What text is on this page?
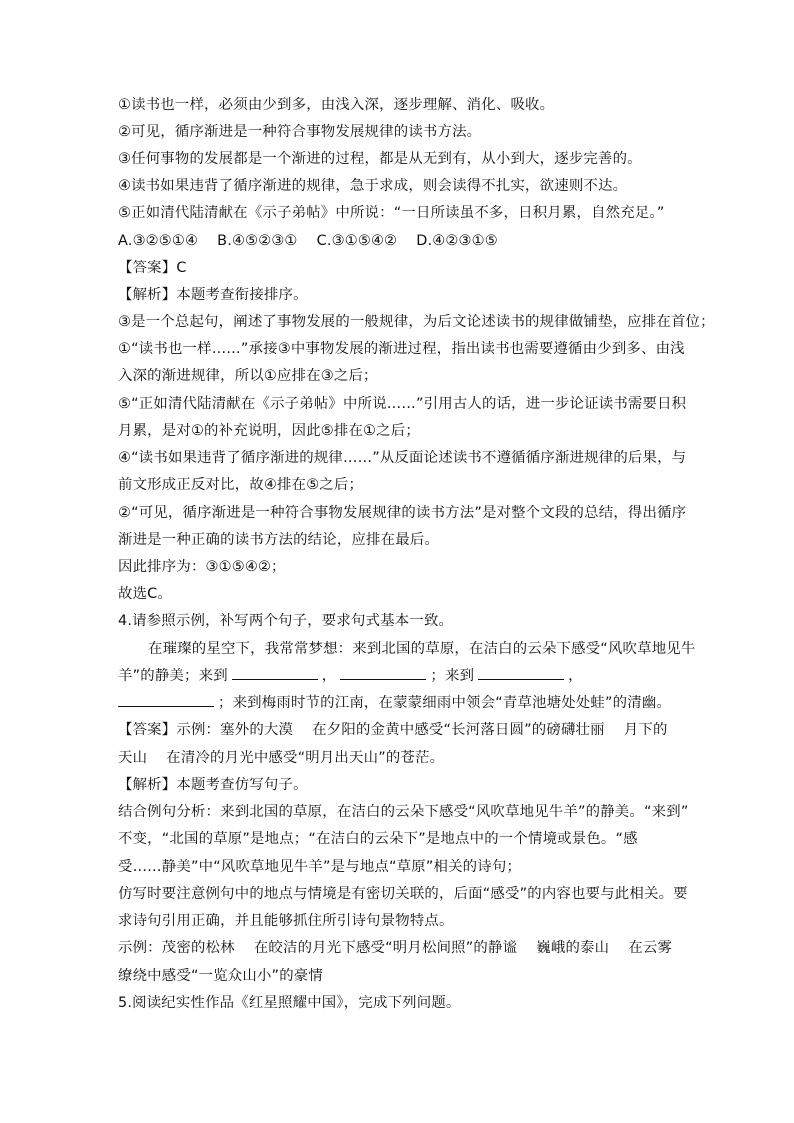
①读书也一样，必须由少到多，由浅入深，逐步理解、消化、吸收。
②可见，循序渐进是一种符合事物发展规律的读书方法。
③任何事物的发展都是一个渐进的过程，都是从无到有，从小到大，逐步完善的。
④读书如果违背了循序渐进的规律，急于求成，则会读得不扎实，欲速则不达。
⑤正如清代陆清献在《示子弟帖》中所说：“一日所读虽不多，日积月累，自然充足。”
A.③②⑤①④    B.④⑤②③①    C.③①⑤④②    D.④②③①⑤
【答案】C
【解析】本题考查衔接排序。
③是一个总起句，阐述了事物发展的一般规律，为后文论述读书的规律做铺垫，应排在首位；
①“读书也一样……”承接③中事物发展的渐进过程，指出读书也需要遵循由少到多、由浅
入深的渐进规律，所以①应排在③之后；
⑤“正如清代陆清献在《示子弟帖》中所说……”引用古人的话，进一步论证读书需要日积
月累，是对①的补充说明，因此⑤排在①之后；
④“读书如果违背了循序渐进的规律……”从反面论述读书不遵循循序渐进规律的后果，与
前文形成正反对比，故④排在⑤之后；
②“可见，循序渐进是一种符合事物发展规律的读书方法”是对整个文段的总结，得出循序
渐进是一种正确的读书方法的结论，应排在最后。
因此排序为：③①⑤④②；
故选C。
4.请参照示例，补写两个句子，要求句式基本一致。
在璀璨的星空下，我常常梦想：来到北国的草原，在洁白的云朵下感受“风吹草地见牛
羊”的静美；来到	，	；来到	，
；来到梅雨时节的江南，在蒙蒙细雨中领会“青草池塘处处蛙”的清幽。
【答案】示例：塞外的大漠    在夕阳的金黄中感受“长河落日圆”的磅礴壮丽    月下的
天山    在清冷的月光中感受“明月出天山”的苍茫。
【解析】本题考查仿写句子。
结合例句分析：来到北国的草原，在洁白的云朵下感受“风吹草地见牛羊”的静美。“来到”
不变，“北国的草原”是地点；“在洁白的云朵下”是地点中的一个情境或景色。“感
受……静美”中“风吹草地见牛羊”是与地点“草原”相关的诗句；
仿写时要注意例句中的地点与情境是有密切关联的，后面“感受”的内容也要与此相关。要
求诗句引用正确，并且能够抓住所引诗句景物特点。
示例：茂密的松林    在皎洁的月光下感受“明月松间照”的静谧    巍峨的泰山    在云雾
缭绕中感受“一览众山小”的豪情
5.阅读纪实性作品《红星照耀中国》，完成下列问题。
